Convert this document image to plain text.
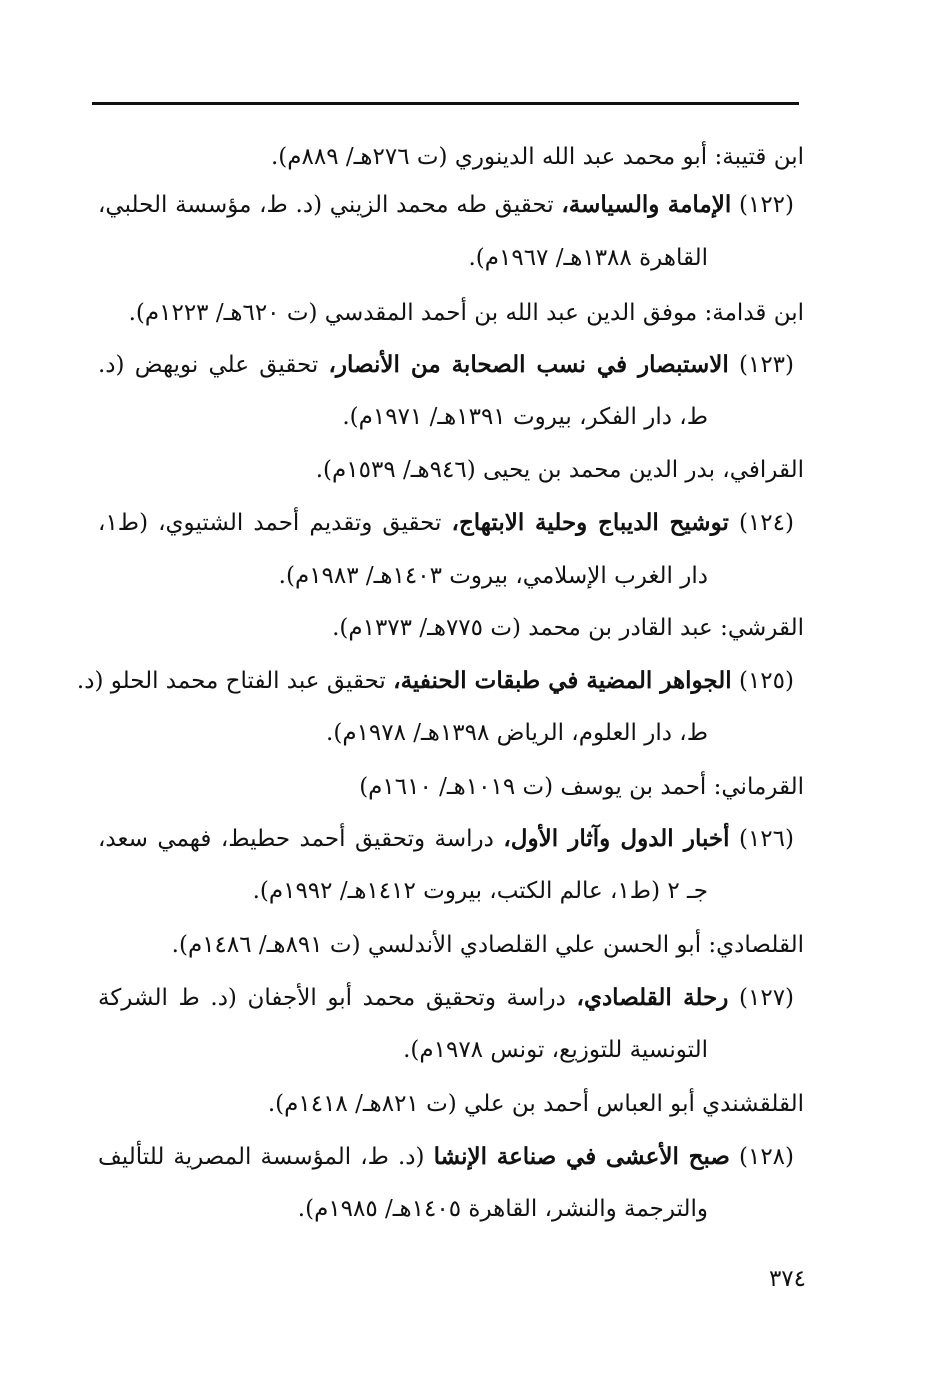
ابن قتيبة: أبو محمد عبد الله الدينوري (ت ٢٧٦هـ/ ٨٨٩م).
(١٢٢) الإمامة والسياسة، تحقيق طه محمد الزيني (د. ط، مؤسسة الحلبي،
القاهرة ١٣٨٨هـ/ ١٩٦٧م).
ابن قدامة: موفق الدين عبد الله بن أحمد المقدسي (ت ٦٢٠هـ/ ١٢٢٣م).
(١٢٣) الاستبصار في نسب الصحابة من الأنصار، تحقيق علي نويهض (د.
ط، دار الفكر، بيروت ١٣٩١هـ/ ١٩٧١م).
القرافي، بدر الدين محمد بن يحيى (٩٤٦هـ/ ١٥٣٩م).
(١٢٤) توشيح الديباج وحلية الابتهاج، تحقيق وتقديم أحمد الشتيوي، (ط١،
دار الغرب الإسلامي، بيروت ١٤٠٣هـ/ ١٩٨٣م).
القرشي: عبد القادر بن محمد (ت ٧٧٥هـ/ ١٣٧٣م).
(١٢٥) الجواهر المضية في طبقات الحنفية، تحقيق عبد الفتاح محمد الحلو (د.
ط، دار العلوم، الرياض ١٣٩٨هـ/ ١٩٧٨م).
القرماني: أحمد بن يوسف (ت ١٠١٩هـ/ ١٦١٠م)
(١٢٦) أخبار الدول وآثار الأول، دراسة وتحقيق أحمد حطيط، فهمي سعد،
جـ ٢ (ط١، عالم الكتب، بيروت ١٤١٢هـ/ ١٩٩٢م).
القلصادي: أبو الحسن علي القلصادي الأندلسي (ت ٨٩١هـ/ ١٤٨٦م).
(١٢٧) رحلة القلصادي، دراسة وتحقيق محمد أبو الأجفان (د. ط الشركة
التونسية للتوزيع، تونس ١٩٧٨م).
القلقشندي أبو العباس أحمد بن علي (ت ٨٢١هـ/ ١٤١٨م).
(١٢٨) صبح الأعشى في صناعة الإنشا (د. ط، المؤسسة المصرية للتأليف
والترجمة والنشر، القاهرة ١٤٠٥هـ/ ١٩٨٥م).
٣٧٤
